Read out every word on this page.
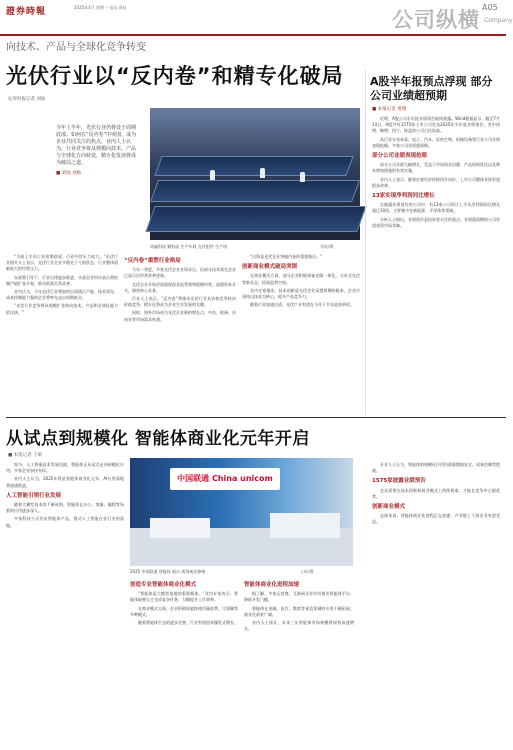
證券時報	2025年4月 星期一 电话 网站	公司纵横 A05
Company
向技术、产品与全球化竞争转变
光伏行业以“反内卷”和精专化破局
证券时报记者 刘灿
今年上半年，光伏行业仍将处于周期底部。如何在“反内卷”中突围，成为企业共同关注的焦点。业内人士认为，行业竞争将从规模向技术、产品与全球化方向转变，精专化发展将成为破局之道。
■ 刘灿 刘灿
协鑫科技 颗粒硅 生产车间 光伏组件 生产线	刘灿/摄

“当前上半年行业周期底部，行业经营压力较大。”光伏行业相关人士表示，光伏行业企业多数处于亏损状态，行业整体面临较大的经营压力。

在政策引导下，行业自律逐步推进，头部企业纷纷表示将控制产能扩张节奏，推动供需关系改善。

业内认为，今年光伏行业将加快出清落后产能，技术领先、成本控制能力强的企业将率先走出周期低谷。

“光伏行业竞争将从规模扩张转向技术、产品和全球化能力的比拼。”

“反内卷”重塑行业格局

今年一季度，多家光伏企业业绩承压，但部分技术领先企业已显示出经营改善迹象。

光伏企业开始更加重视现金流管理和稳健经营，放缓资本开支，聚焦核心业务。

行业人士表示，“反内卷”将推动光伏行业从价格竞争转向价值竞争，精专化将成为企业生存发展的关键。

同时，海外市场成为光伏企业新的增长点，中东、欧洲、东南亚等市场需求旺盛。

“出海是光伏企业突破内卷的重要路径。”

创新商业模式破局突围

在商业模式方面，部分企业积极探索光储一体化、分布式光伏等新业态，拓展盈利空间。

业内专家指出，技术创新是光伏企业穿越周期的根本，企业应坚持以技术为核心，提升产品竞争力。

随着行业加速出清，光伏产业有望在今年下半年迎来转机。

A股半年报预点浮现 部分公司业绩超预期
■ 本报记者 黄翔

近期，A股公司半年报业绩预告陆续披露。Wind数据显示，截至7月14日，A股共有1575家上市公司发布2025年半年度业绩预告，其中预增、略增、扭亏、续盈的公司占比较高。

从行业分布来看，电子、汽车、医药生物、机械设备等行业公司业绩表现抢眼，多家公司业绩超预期。

部分公司业绩表现抢眼

部分公司业绩大幅增长，受益于市场需求回暖、产品结构优化以及降本增效措施的有效实施。

业内人士表示，随着宏观经济持续回升向好，上市公司整体业绩有望稳步改善。

13家实现净利润同比增长

在披露业绩预告的公司中，有13家公司预计上半年净利润同比增长超过10倍，主要集中在新能源、半导体等领域。

分析人士指出，业绩预告是投资者关注的重点，业绩超预期的公司有望获得市场青睐。

从试点到规模化 智能体商业化元年开启
■ 本报记者 王硕

如今，人工智能技术发展迅速，智能体正从试点走向规模化应用，多家企业加快布局。

业内人士认为，2025年将是智能体商业化元年，AI应用落地将加速推进。

人工智能引领行业发展

随着大模型技术的不断成熟，智能体在办公、客服、编程等场景的应用逐步深入。

多家科技公司发布智能体产品，推动人工智能在各行业的落地。

中国联通 China unicom
2025 中国联通 智能体 展台 现场观众参观	王硕/摄
创造专业智能体商业化模式

“智能体是大模型落地的重要载体。”业内专家表示，智能体能够自主完成复杂任务，大幅提升工作效率。

在商业模式方面，企业积极探索按使用量收费、订阅制等多种模式。

随着智能体生态的逐步完善，行业有望迎来爆发式增长。

智能体商业化进程加速

据了解，多家运营商、互联网企业纷纷推出智能体平台，降低开发门槛。

智能体在金融、医疗、教育等垂直领域的应用不断拓展，商业化前景广阔。

业内人士预计，未来三年智能体市场规模将保持高速增长。

专业人士认为，智能体的规模化应用仍面临数据安全、成本控制等挑战。

1575家披露业绩预告

企业需要在技术创新和商业模式上持续探索，才能在竞争中占据优势。

创新商业模式

总体来看，智能体商业化进程正在加速，产业链上下游企业有望受益。
